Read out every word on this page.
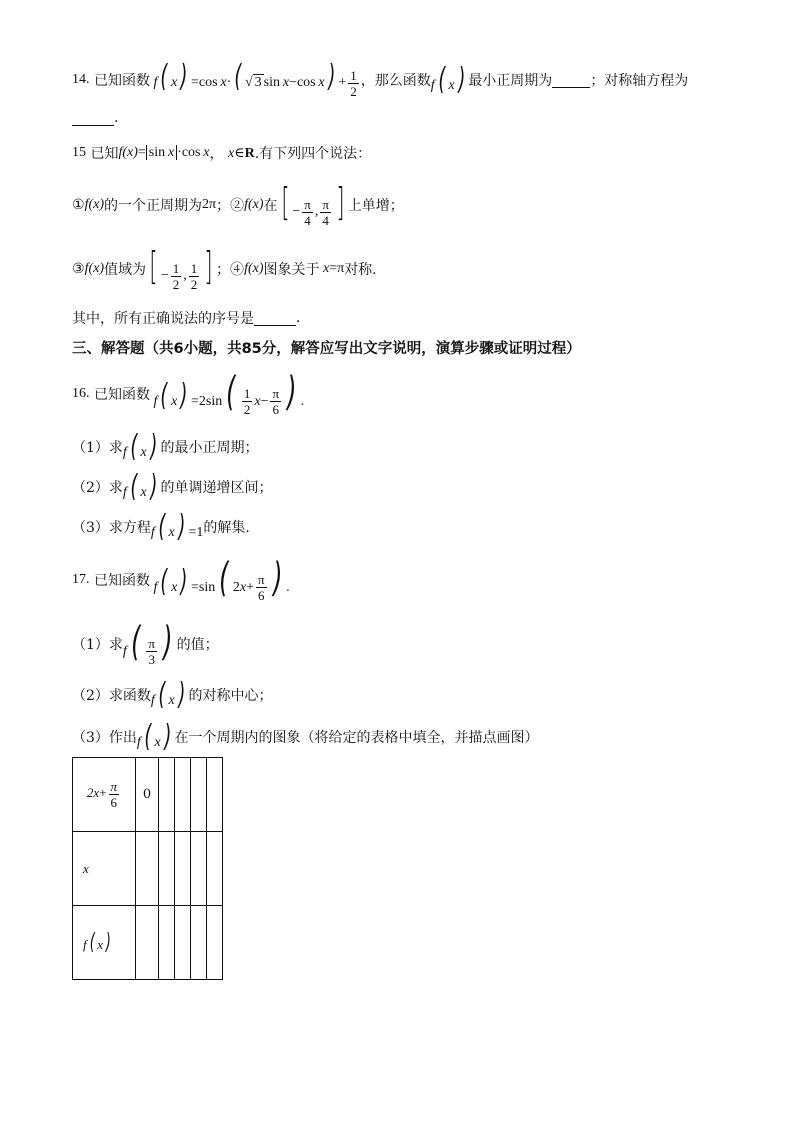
14.
已知函数 f ( x ) =cos x· ( √ 3 sin x−cos x ) + $\frac{1}{2}$ ，那么函数 f ( x ) 最小正周期为	；对称轴方程为
.
15
已知 f(x)= sin x ·cos x ，
x∈R .有下列四个说法：
① f(x) 的一个正周期为 2π ；② f(x) 在 [ − $\frac{\pi}{4}$ , $\frac{\pi}{4}$ ] 上单增；
③ f(x) 值域为 [ − $\frac{1}{2}$ , $\frac{1}{2}$ ] ；④ f(x) 图象关于 x=π 对称.
其中，所有正确说法的序号是	.
三、解答题（共6小题，共85分，解答应写出文字说明，演算步骤或证明过程）
16.
已知函数 f ( x ) =2sin ( $\frac{1}{2} x- \frac{\pi}{6}$ ) .
（1）求 f ( x ) 的最小正周期；
（2）求 f ( x ) 的单调递增区间；
（3）求方程 f ( x ) =1 的解集.
17.
已知函数 f ( x ) =sin ( $2x+ \frac{\pi}{6}$ ) .
（1）求 f ( $\frac{\pi}{3}$ ) 的值；
（2）求函数 f ( x ) 的对称中心；
（3）作出 f ( x ) 在一个周期内的图象（将给定的表格中填全，并描点画图）
$2x+ \frac{\pi}{6}$	0				
x					
f ( x )					
